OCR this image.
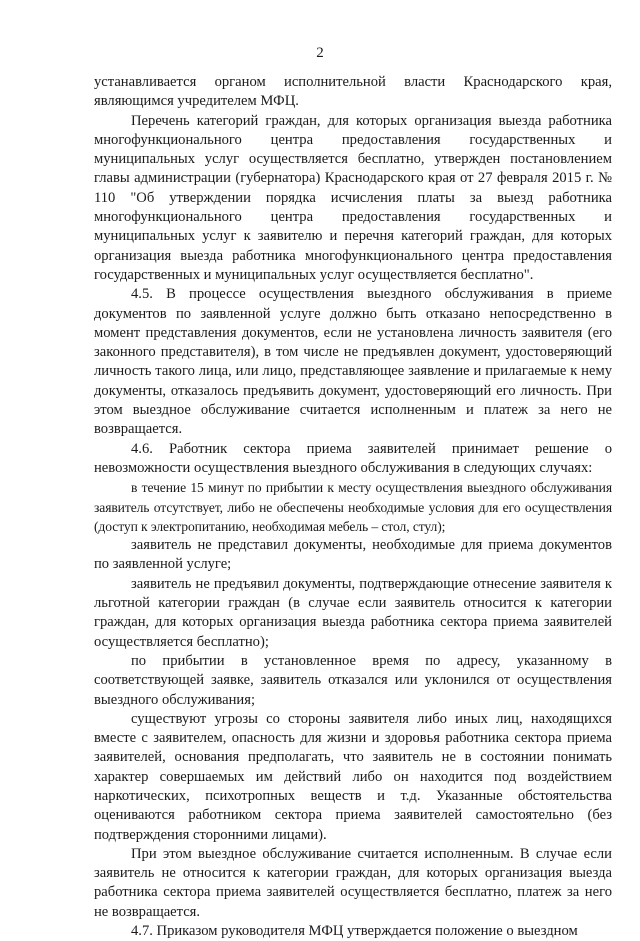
2

устанавливается органом исполнительной власти Краснодарского края, являющимся учредителем МФЦ.

Перечень категорий граждан, для которых организация выезда работника многофункционального центра предоставления государственных и муниципальных услуг осуществляется бесплатно, утвержден постановлением главы администрации (губернатора) Краснодарского края от 27 февраля 2015 г. № 110 "Об утверждении порядка исчисления платы за выезд работника многофункционального центра предоставления государственных и муниципальных услуг к заявителю и перечня категорий граждан, для которых организация выезда работника многофункционального центра предоставления государственных и муниципальных услуг осуществляется бесплатно".

4.5. В процессе осуществления выездного обслуживания в приеме документов по заявленной услуге должно быть отказано непосредственно в момент представления документов, если не установлена личность заявителя (его законного представителя), в том числе не предъявлен документ, удостоверяющий личность такого лица, или лицо, представляющее заявление и прилагаемые к нему документы, отказалось предъявить документ, удостоверяющий его личность. При этом выездное обслуживание считается исполненным и платеж за него не возвращается.

4.6. Работник сектора приема заявителей принимает решение о невозможности осуществления выездного обслуживания в следующих случаях:

в течение 15 минут по прибытии к месту осуществления выездного обслуживания заявитель отсутствует, либо не обеспечены необходимые условия для его осуществления (доступ к электропитанию, необходимая мебель – стол, стул);

заявитель не представил документы, необходимые для приема документов по заявленной услуге;

заявитель не предъявил документы, подтверждающие отнесение заявителя к льготной категории граждан (в случае если заявитель относится к категории граждан, для которых организация выезда работника сектора приема заявителей осуществляется бесплатно);

по прибытии в установленное время по адресу, указанному в соответствующей заявке, заявитель отказался или уклонился от осуществления выездного обслуживания;

существуют угрозы со стороны заявителя либо иных лиц, находящихся вместе с заявителем, опасность для жизни и здоровья работника сектора приема заявителей, основания предполагать, что заявитель не в состоянии понимать характер совершаемых им действий либо он находится под воздействием наркотических, психотропных веществ и т.д. Указанные обстоятельства оцениваются работником сектора приема заявителей самостоятельно (без подтверждения сторонними лицами).

При этом выездное обслуживание считается исполненным. В случае если заявитель не относится к категории граждан, для которых организация выезда работника сектора приема заявителей осуществляется бесплатно, платеж за него не возвращается.

4.7. Приказом руководителя МФЦ утверждается положение о выездном
